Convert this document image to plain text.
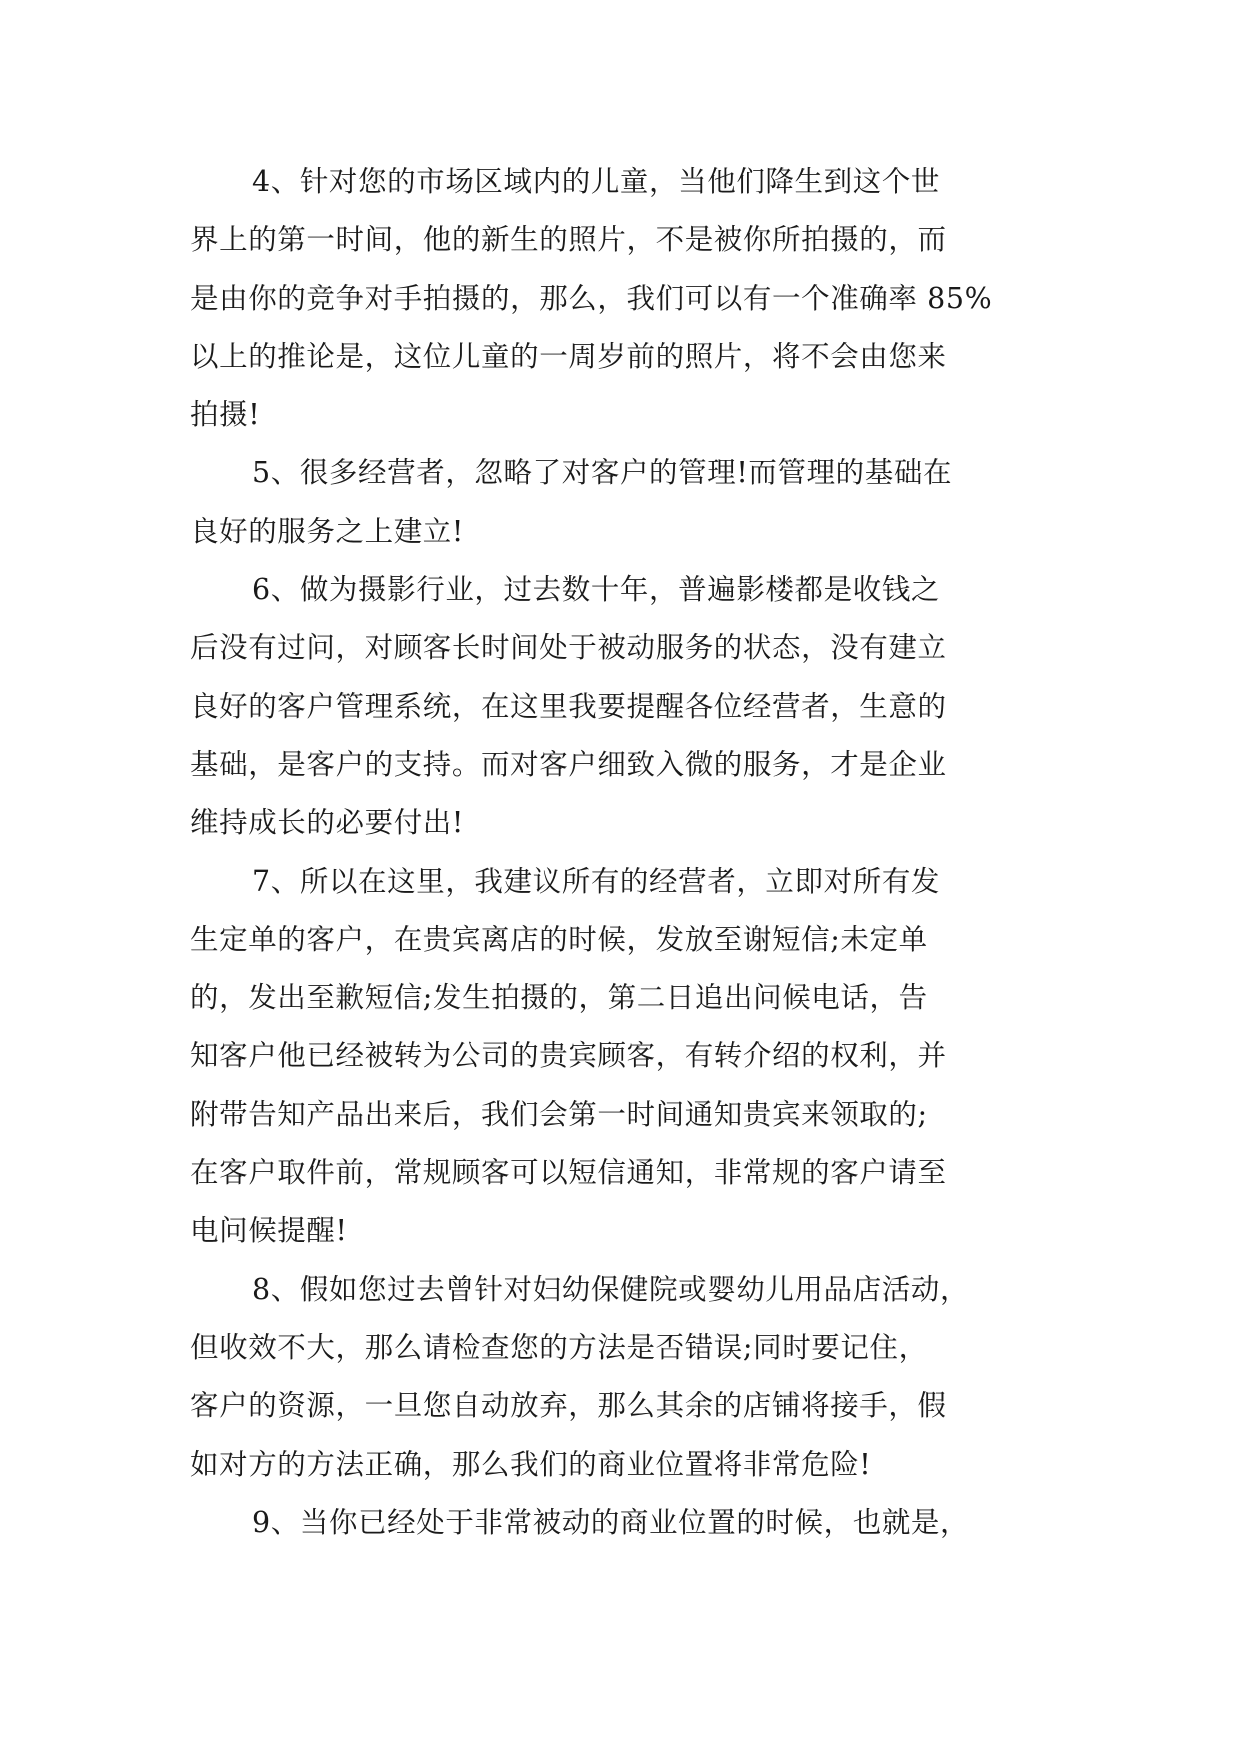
4、针对您的市场区域内的儿童，当他们降生到这个世
界上的第一时间，他的新生的照片，不是被你所拍摄的，而
是由你的竞争对手拍摄的，那么，我们可以有一个准确率 85%
以上的推论是，这位儿童的一周岁前的照片，将不会由您来
拍摄!
5、很多经营者，忽略了对客户的管理!而管理的基础在
良好的服务之上建立!
6、做为摄影行业，过去数十年，普遍影楼都是收钱之
后没有过问，对顾客长时间处于被动服务的状态，没有建立
良好的客户管理系统，在这里我要提醒各位经营者，生意的
基础，是客户的支持。而对客户细致入微的服务，才是企业
维持成长的必要付出!
7、所以在这里，我建议所有的经营者，立即对所有发
生定单的客户，在贵宾离店的时候，发放至谢短信;未定单
的，发出至歉短信;发生拍摄的，第二日追出问候电话，告
知客户他已经被转为公司的贵宾顾客，有转介绍的权利，并
附带告知产品出来后，我们会第一时间通知贵宾来领取的;
在客户取件前，常规顾客可以短信通知，非常规的客户请至
电问候提醒!
8、假如您过去曾针对妇幼保健院或婴幼儿用品店活动，
但收效不大，那么请检查您的方法是否错误;同时要记住，
客户的资源，一旦您自动放弃，那么其余的店铺将接手，假
如对方的方法正确，那么我们的商业位置将非常危险!
9、当你已经处于非常被动的商业位置的时候，也就是，
